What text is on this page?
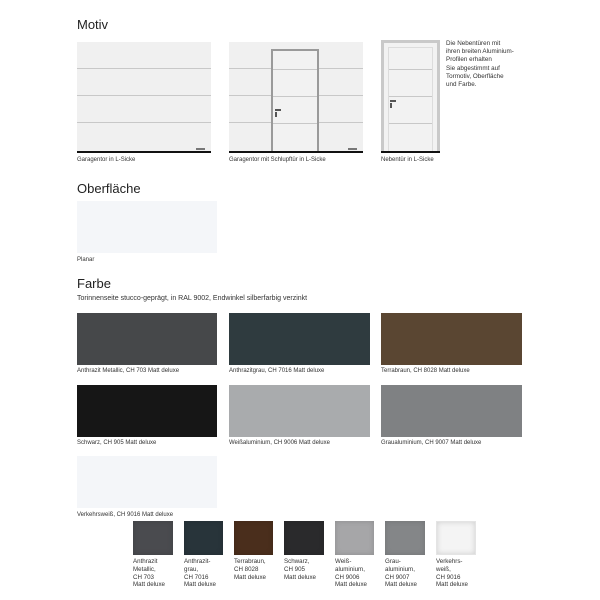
Motiv
Garagentor in L-Sicke	Garagentor mit Schlupftür in L-Sicke	Nebentür in L-Sicke
Die Nebentüren mit
ihren breiten Aluminium-
Profilen erhalten
Sie abgestimmt auf
Tormotiv, Oberfläche
und Farbe.
Oberfläche
Planar
Farbe
Torinnenseite stucco-geprägt, in RAL 9002, Endwinkel silberfarbig verzinkt
Anthrazit Metallic, CH 703 Matt deluxe	Anthrazitgrau, CH 7016 Matt deluxe	Terrabraun, CH 8028 Matt deluxe
Schwarz, CH 905 Matt deluxe	Weißaluminium, CH 9006 Matt deluxe	Graualuminium, CH 9007 Matt deluxe
Verkehrsweiß, CH 9016 Matt deluxe
Anthrazit
Metallic,
CH 703
Matt deluxe
Anthrazit-
grau,
CH 7016
Matt deluxe
Terrabraun,
CH 8028
Matt deluxe
Schwarz,
CH 905
Matt deluxe
Weiß-
aluminium,
CH 9006
Matt deluxe
Grau-
aluminium,
CH 9007
Matt deluxe
Verkehrs-
weiß,
CH 9016
Matt deluxe
